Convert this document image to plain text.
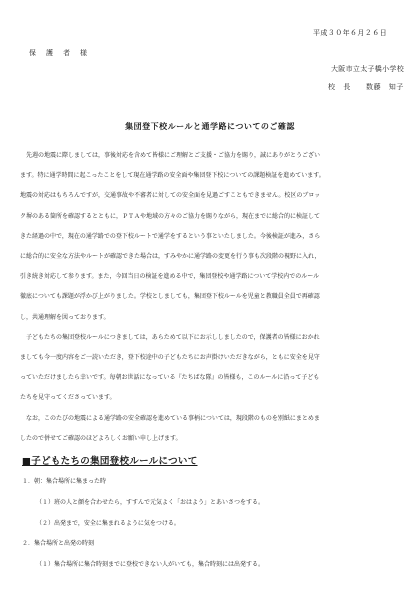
平成３０年６月２６日
保　護　者　様
大阪市立太子橋小学校
校　長　　数藤　知子
集団登下校ルールと通学路についてのご確認
　先週の地震に際しましては，事後対応を含めて皆様にご理解とご支援・ご協力を賜り，誠にありがとうござい
ます。特に通学時間に起こったことをして現在通学路の安全面や集団登下校についての課題検証を進めています。
地震の対応はもちろんですが，交通事故や不審者に対しての安全面を見過ごすこともできません。校区のブロッ
ク塀のある箇所を確認するとともに，ＰＴＡや地域の方々のご協力を賜りながら，現在までに総合的に検証して
きた経過の中で，現在の通学路での登下校ルートで通学をするという事といたしました。今後検証が進み，さら
に総合的に安全な方法やルートが確認できた場合は，すみやかに通学路の変更を行う事も次段階の視野に入れ，
引き続き対応して参ります。また，今回当日の検証を進める中で，集団登校や通学路について学校内でのルール
徹底についても課題が浮かび上がりました。学校としましても，集団登下校ルールを児童と教職員全員で再確認
し，共通理解を図っております。
　子どもたちの集団登校ルールにつきましては，あらためて以下にお示ししましたので，保護者の皆様におかれ
ましても今一度内容をご一読いただき，登下校途中の子どもたちにお声掛けいただきながら，ともに安全を見守
っていただけましたら幸いです。毎朝お世話になっている『たちばな隊』の皆様も，このルールに沿って子ども
たちを見守ってくださっています。
　なお，このたびの地震による通学路の安全確認を進めている事柄については，現段階のものを別紙にまとめま
したので併せてご確認のほどよろしくお願い申し上げます。
■子どもたちの集団登校ルールについて
１．朝：集合場所に集まった時
（１）班の人と顔を合わせたら，すすんで元気よく「おはよう」とあいさつをする。
（２）出発まで，安全に集まれるように気をつける。
２．集合場所と出発の時刻
（１）集合場所に集合時刻までに登校できない人がいても，集合時刻には出発する。
